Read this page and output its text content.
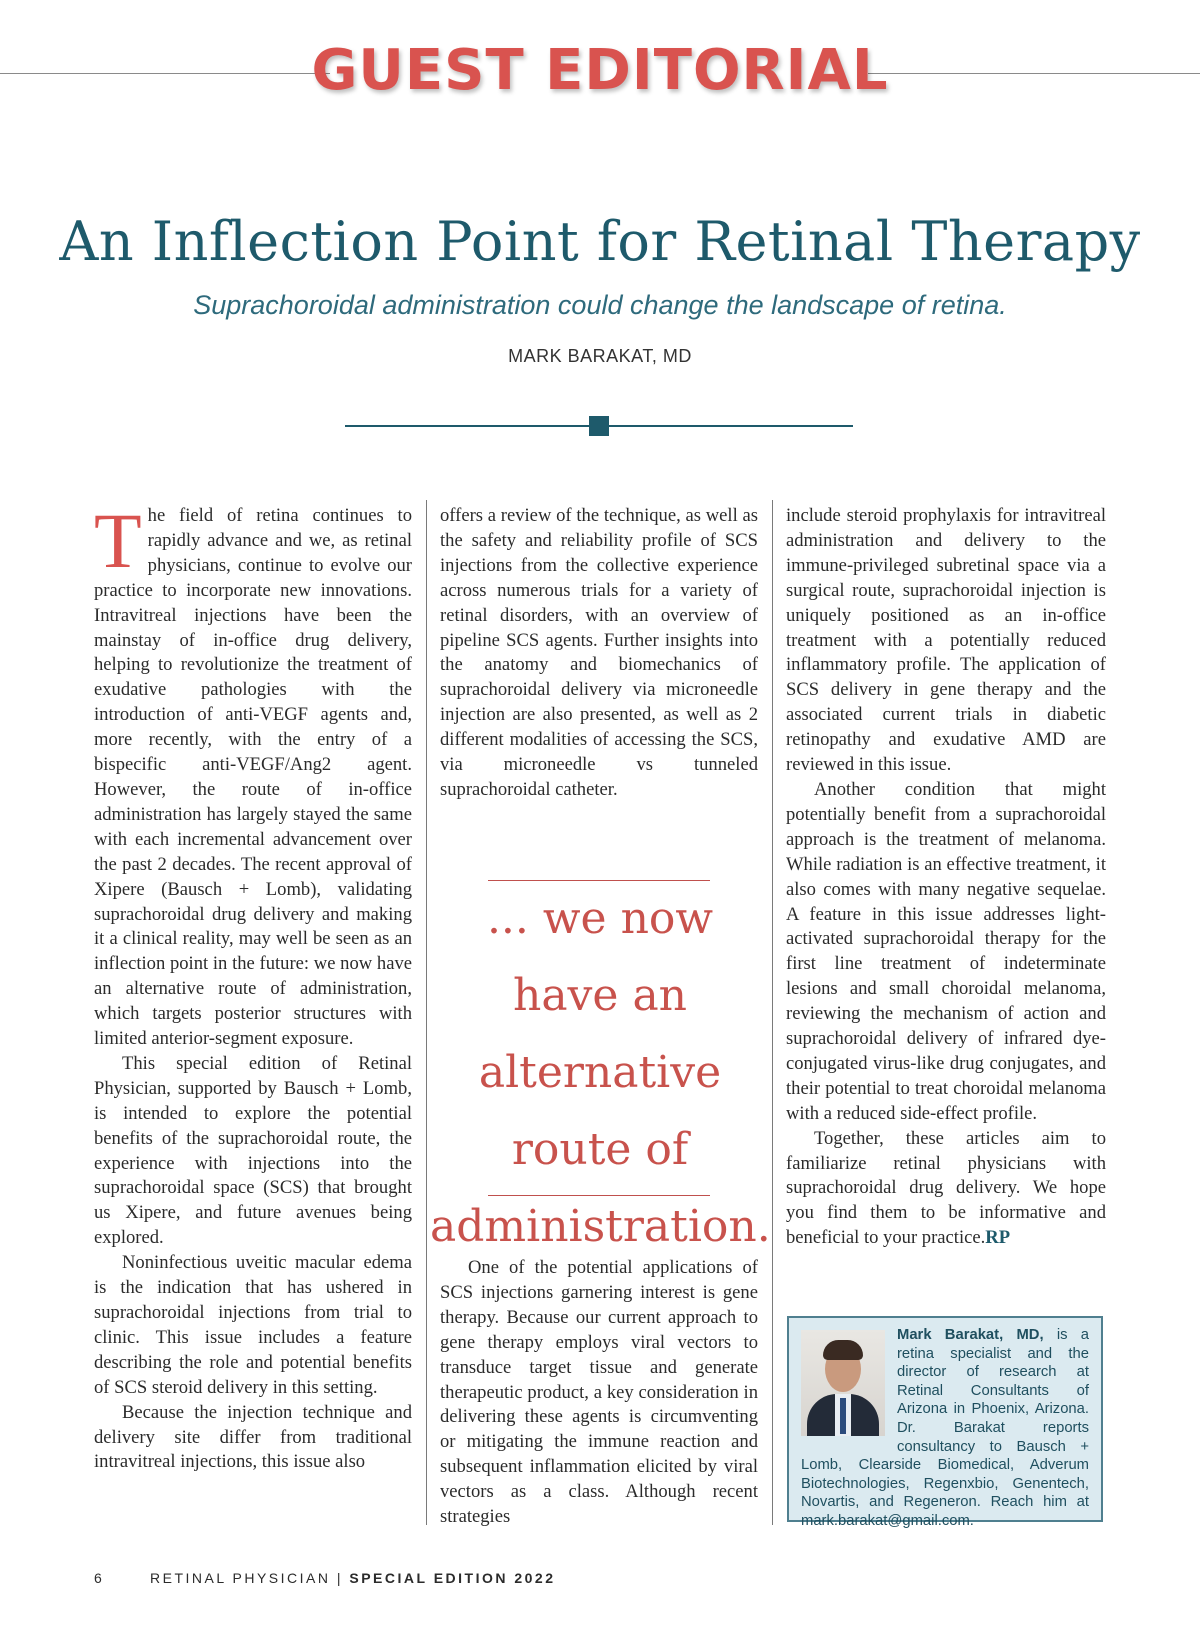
GUEST EDITORIAL
An Inflection Point for Retinal Therapy
Suprachoroidal administration could change the landscape of retina.
MARK BARAKAT, MD

The field of retina continues to rapidly advance and we, as retinal physicians, continue to evolve our practice to incorporate new innovations. Intravitreal injections have been the mainstay of in-office drug delivery, helping to revolutionize the treatment of exudative pathologies with the introduction of anti-VEGF agents and, more recently, with the entry of a bispecific anti-VEGF/Ang2 agent. However, the route of in-office administration has largely stayed the same with each incremental advancement over the past 2 decades. The recent approval of Xipere (Bausch + Lomb), validating suprachoroidal drug delivery and making it a clinical reality, may well be seen as an inflection point in the future: we now have an alternative route of administration, which targets posterior structures with limited anterior-segment exposure.

This special edition of Retinal Physician, supported by Bausch + Lomb, is intended to explore the potential benefits of the suprachoroidal route, the experience with injections into the suprachoroidal space (SCS) that brought us Xipere, and future avenues being explored.

Noninfectious uveitic macular edema is the indication that has ushered in suprachoroidal injections from trial to clinic. This issue includes a feature describing the role and potential benefits of SCS steroid delivery in this setting.

Because the injection technique and delivery site differ from traditional intravitreal injections, this issue also

offers a review of the technique, as well as the safety and reliability profile of SCS injections from the collective experience across numerous trials for a variety of retinal disorders, with an overview of pipeline SCS agents. Further insights into the anatomy and biomechanics of suprachoroidal delivery via microneedle injection are also presented, as well as 2 different modalities of accessing the SCS, via microneedle vs tunneled suprachoroidal catheter.

... we now have an alternative route of administration.

One of the potential applications of SCS injections garnering interest is gene therapy. Because our current approach to gene therapy employs viral vectors to transduce target tissue and generate therapeutic product, a key consideration in delivering these agents is circumventing or mitigating the immune reaction and subsequent inflammation elicited by viral vectors as a class. Although recent strategies

include steroid prophylaxis for intravitreal administration and delivery to the immune-privileged subretinal space via a surgical route, suprachoroidal injection is uniquely positioned as an in-office treatment with a potentially reduced inflammatory profile. The application of SCS delivery in gene therapy and the associated current trials in diabetic retinopathy and exudative AMD are reviewed in this issue.

Another condition that might potentially benefit from a suprachoroidal approach is the treatment of melanoma. While radiation is an effective treatment, it also comes with many negative sequelae. A feature in this issue addresses light-activated suprachoroidal therapy for the first line treatment of indeterminate lesions and small choroidal melanoma, reviewing the mechanism of action and suprachoroidal delivery of infrared dye-conjugated virus-like drug conjugates, and their potential to treat choroidal melanoma with a reduced side-effect profile.

Together, these articles aim to familiarize retinal physicians with suprachoroidal drug delivery. We hope you find them to be informative and beneficial to your practice.RP

Mark Barakat, MD, is a retina specialist and the director of research at Retinal Consultants of Arizona in Phoenix, Arizona. Dr. Barakat reports consultancy to Bausch + Lomb, Clearside Biomedical, Adverum Biotechnologies, Regenxbio, Genentech, Novartis, and Regeneron. Reach him at mark.barakat@gmail.com.
6	RETINAL PHYSICIAN | SPECIAL EDITION 2022
